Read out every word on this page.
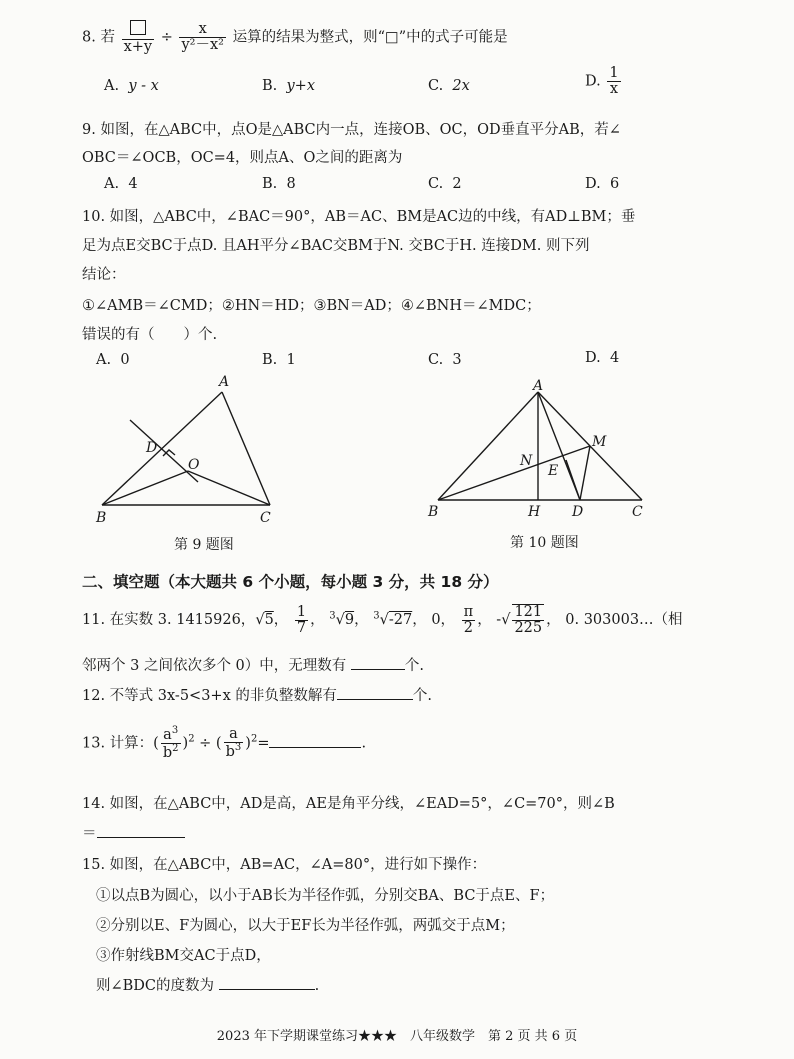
8. 若
x+y
÷ $\frac{x}{\text{y²－x²}}$ 运算的结果为整式，则“□”中的式子可能是
A. y - x	B. y+x	C. 2x	D. $\frac{1}{x}$
9. 如图，在△ABC中，点O是△ABC内一点，连接OB、OC，OD垂直平分AB，若∠
OBC＝∠OCB，OC=4，则点A、O之间的距离为
A. 4	B. 8	C. 2	D. 6
10. 如图，△ABC中，∠BAC＝90°，AB＝AC、BM是AC边的中线，有AD⊥BM；垂
足为点E交BC于点D. 且AH平分∠BAC交BM于N. 交BC于H. 连接DM. 则下列
结论：
①∠AMB＝∠CMD；②HN＝HD；③BN＝AD；④∠BNH＝∠MDC；
错误的有（　　）个.
A. 0	B. 1	C. 3	D. 4
A
B	C
D
O
第 9 题图
A
B	C
D
H
M
N
E
第 10 题图
二、填空题（本大题共 6 个小题，每小题 3 分，共 18 分）
11. 在实数 3. 1415926，√5， $\frac{1}{7}$ ， $^3$√9， $^3$√-27， 0， $\frac{\pi}{2}$ ， -√ $\frac{121}{225}$ ， 0. 303003…（相
邻两个 3 之间依次多个 0）中，无理数有	个.
12. 不等式 3x-5<3+x 的非负整数解有	个.
13. 计算：( $\frac{a^3}{b^2} )^2$ ÷ ( $\frac{a}{b^3} )^2=$	.
14. 如图，在△ABC中，AD是高，AE是角平分线，∠EAD=5°，∠C=70°，则∠B
＝
15. 如图，在△ABC中，AB=AC，∠A=80°，进行如下操作：
①以点B为圆心，以小于AB长为半径作弧，分别交BA、BC于点E、F；
②分别以E、F为圆心，以大于EF长为半径作弧，两弧交于点M；
③作射线BM交AC于点D，
则∠BDC的度数为	.
2023 年下学期课堂练习★★★　八年级数学　第 2 页 共 6 页
